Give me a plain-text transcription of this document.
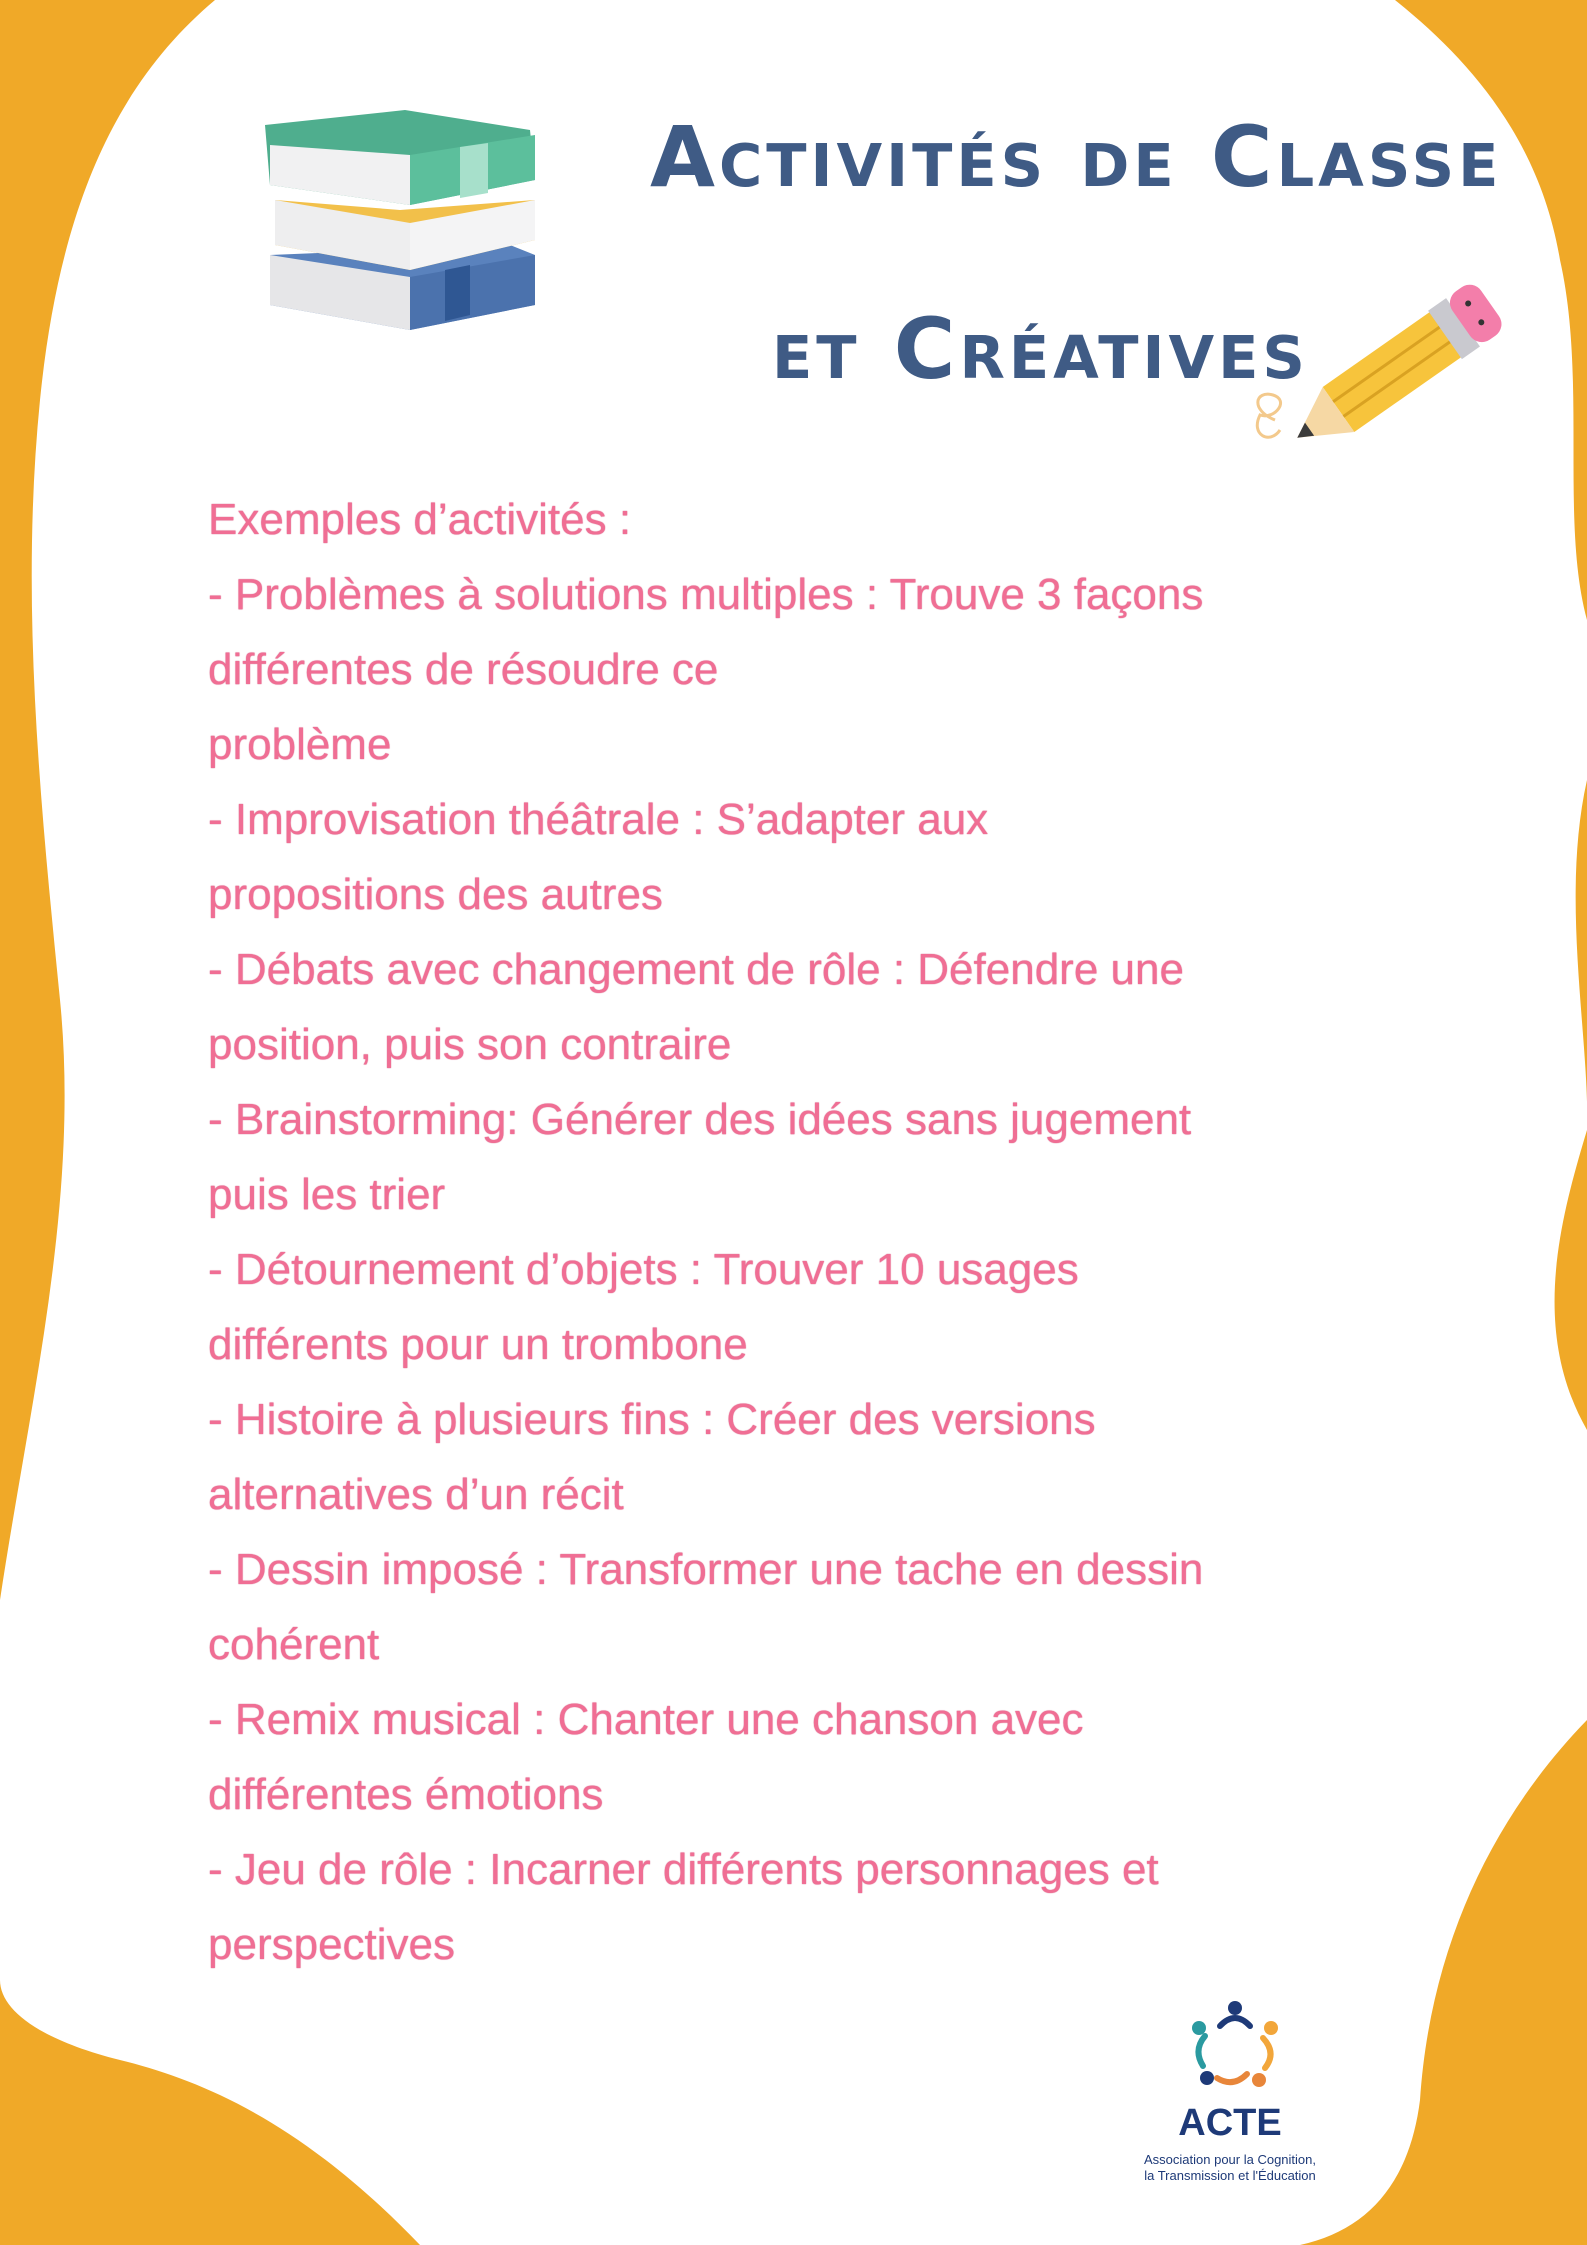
Activités de Classe
et Créatives
Exemples d’activités :
- Problèmes à solutions multiples : Trouve 3 façons
différentes de résoudre ce
problème
- Improvisation théâtrale : S’adapter aux
propositions des autres
- Débats avec changement de rôle : Défendre une
position, puis son contraire
- Brainstorming: Générer des idées sans jugement
puis les trier
- Détournement d’objets : Trouver 10 usages
différents pour un trombone
- Histoire à plusieurs fins : Créer des versions
alternatives d’un récit
- Dessin imposé : Transformer une tache en dessin
cohérent
- Remix musical : Chanter une chanson avec
différentes émotions
- Jeu de rôle : Incarner différents personnages et
perspectives
ACTE
Association pour la Cognition,
la Transmission et l'Éducation
